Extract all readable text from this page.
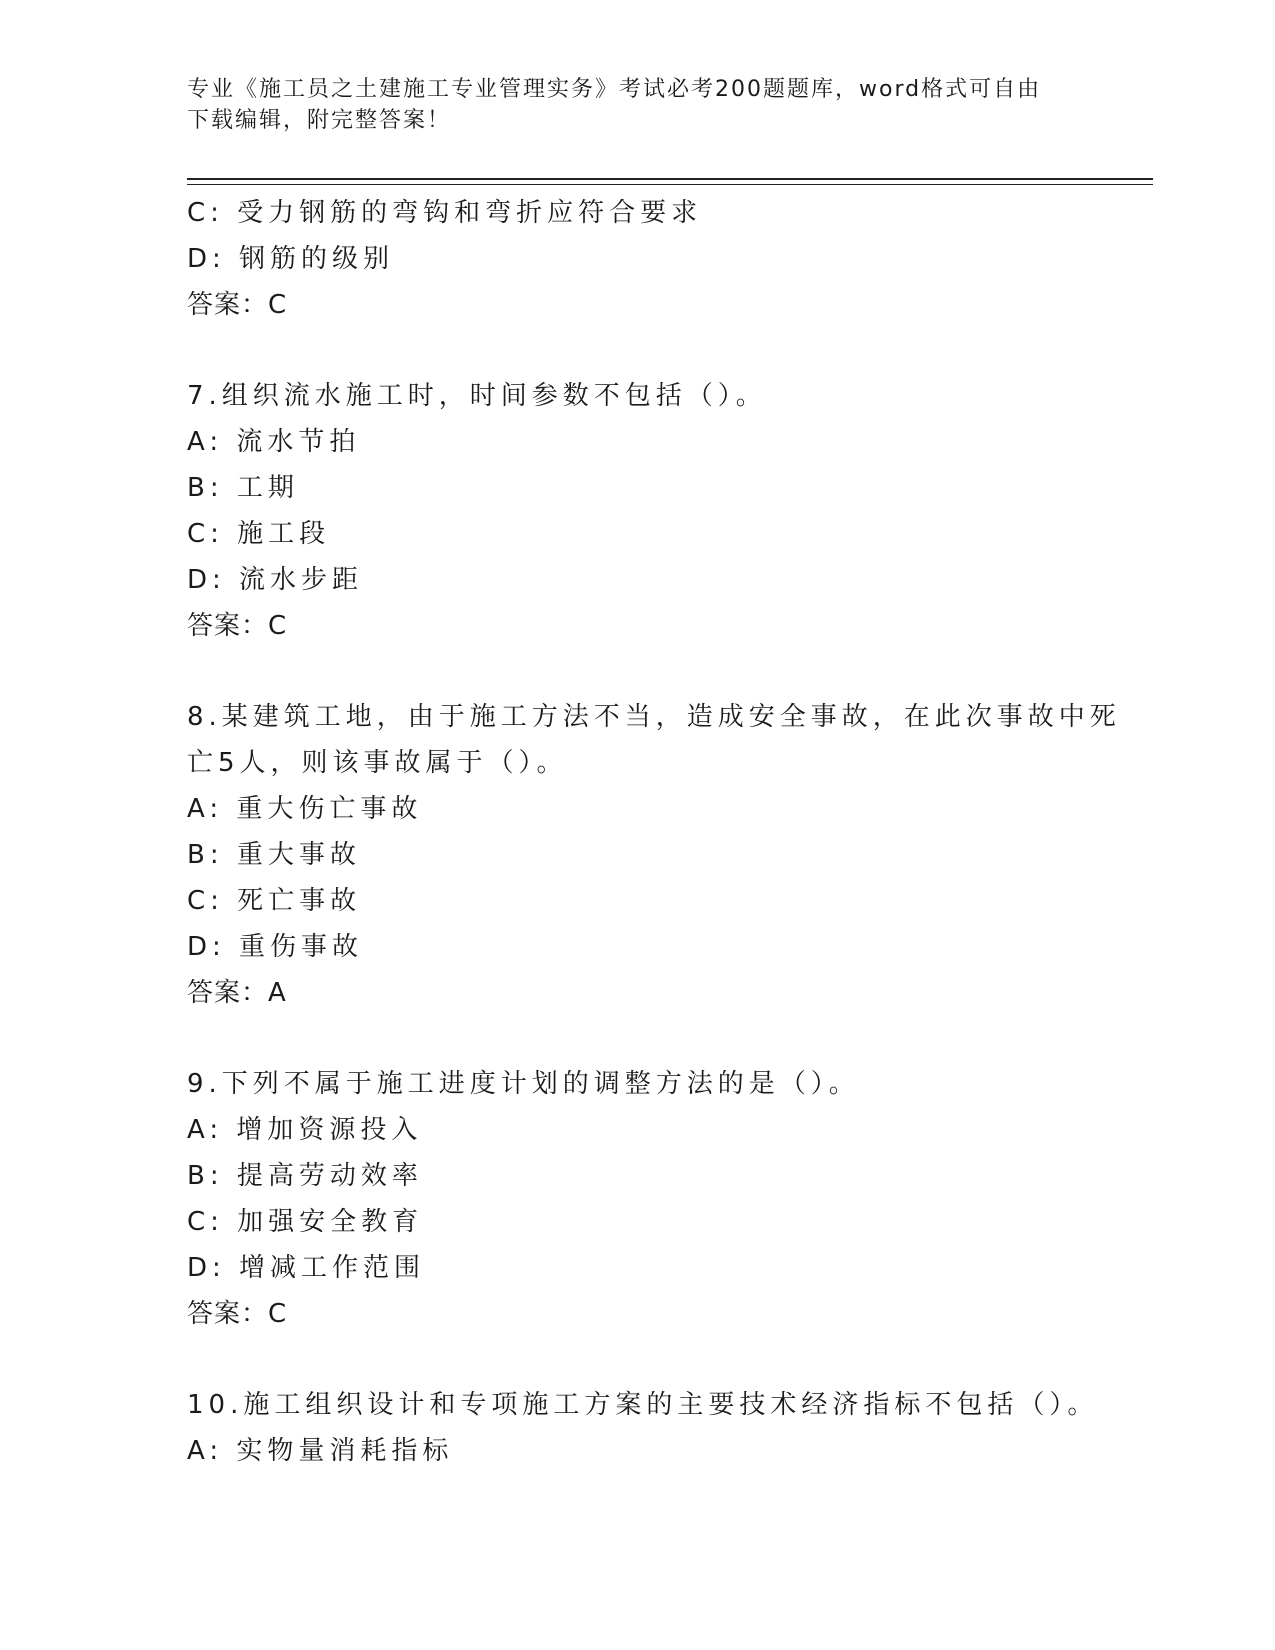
专业《施工员之土建施工专业管理实务》考试必考200题题库，word格式可自由
下载编辑，附完整答案！
C: 受力钢筋的弯钩和弯折应符合要求
D: 钢筋的级别
答案：C
7.组织流水施工时，时间参数不包括（）。
A: 流水节拍
B: 工期
C: 施工段
D: 流水步距
答案：C
8.某建筑工地，由于施工方法不当，造成安全事故，在此次事故中死
亡5人，则该事故属于（）。
A: 重大伤亡事故
B: 重大事故
C: 死亡事故
D: 重伤事故
答案：A
9.下列不属于施工进度计划的调整方法的是（）。
A: 增加资源投入
B: 提高劳动效率
C: 加强安全教育
D: 增减工作范围
答案：C
10.施工组织设计和专项施工方案的主要技术经济指标不包括（）。
A: 实物量消耗指标
